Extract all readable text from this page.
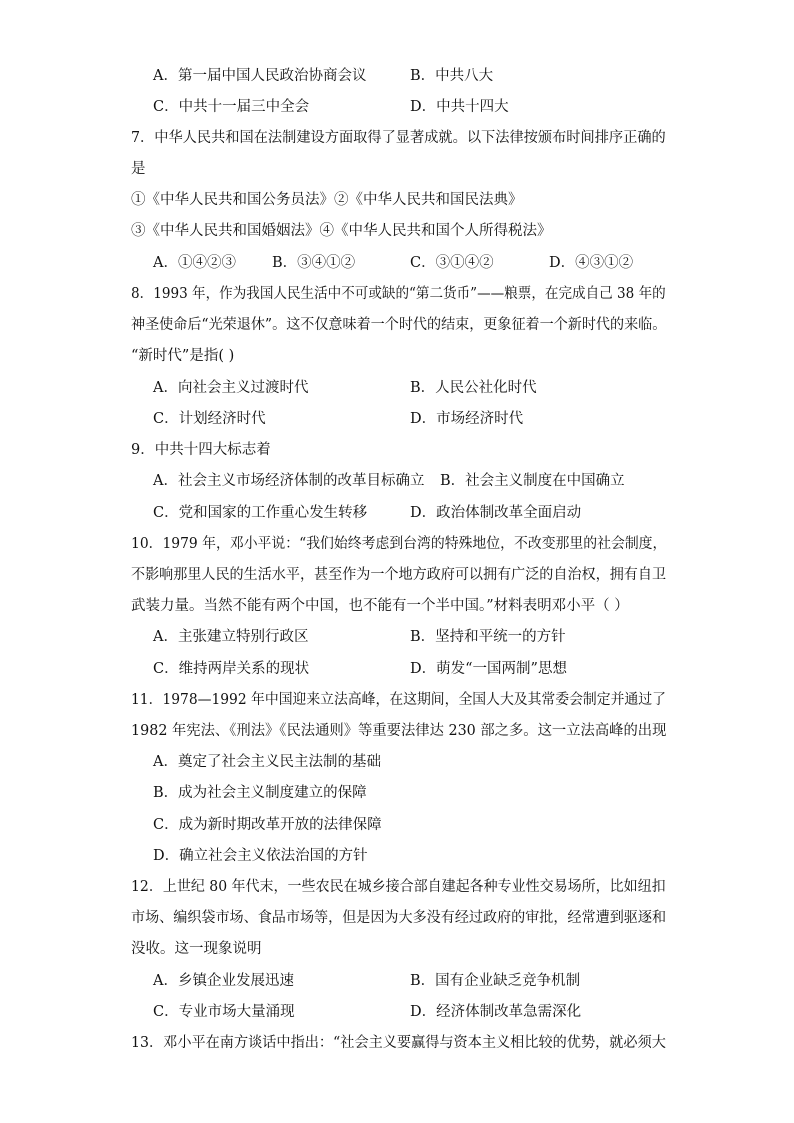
A．第一届中国人民政治协商会议	B．中共八大
C．中共十一届三中全会	D．中共十四大
7．中华人民共和国在法制建设方面取得了显著成就。以下法律按颁布时间排序正确的
是
①《中华人民共和国公务员法》②《中华人民共和国民法典》
③《中华人民共和国婚姻法》④《中华人民共和国个人所得税法》
A．①④②③ B．③④①②	C．③①④②	D．④③①②
8．1993 年，作为我国人民生活中不可或缺的“第二货币”——粮票，在完成自己 38 年的
神圣使命后“光荣退休”。这不仅意味着一个时代的结束，更象征着一个新时代的来临。
“新时代”是指( )
A．向社会主义过渡时代	B．人民公社化时代
C．计划经济时代	D．市场经济时代
9．中共十四大标志着
A．社会主义市场经济体制的改革目标确立 B．社会主义制度在中国确立
C．党和国家的工作重心发生转移	D．政治体制改革全面启动
10．1979 年，邓小平说：“我们始终考虑到台湾的特殊地位，不改变那里的社会制度，
不影响那里人民的生活水平，甚至作为一个地方政府可以拥有广泛的自治权，拥有自卫
武装力量。当然不能有两个中国，也不能有一个半中国。”材料表明邓小平（ ）
A．主张建立特别行政区	B．坚持和平统一的方针
C．维持两岸关系的现状	D．萌发“一国两制”思想
11．1978—1992 年中国迎来立法高峰，在这期间，全国人大及其常委会制定并通过了
1982 年宪法、《刑法》《民法通则》等重要法律达 230 部之多。这一立法高峰的出现
A．奠定了社会主义民主法制的基础
B．成为社会主义制度建立的保障
C．成为新时期改革开放的法律保障
D．确立社会主义依法治国的方针
12．上世纪 80 年代末，一些农民在城乡接合部自建起各种专业性交易场所，比如纽扣
市场、编织袋市场、食品市场等，但是因为大多没有经过政府的审批，经常遭到驱逐和
没收。这一现象说明
A．乡镇企业发展迅速	B．国有企业缺乏竞争机制
C．专业市场大量涌现	D．经济体制改革急需深化
13．邓小平在南方谈话中指出：“社会主义要赢得与资本主义相比较的优势，就必须大
